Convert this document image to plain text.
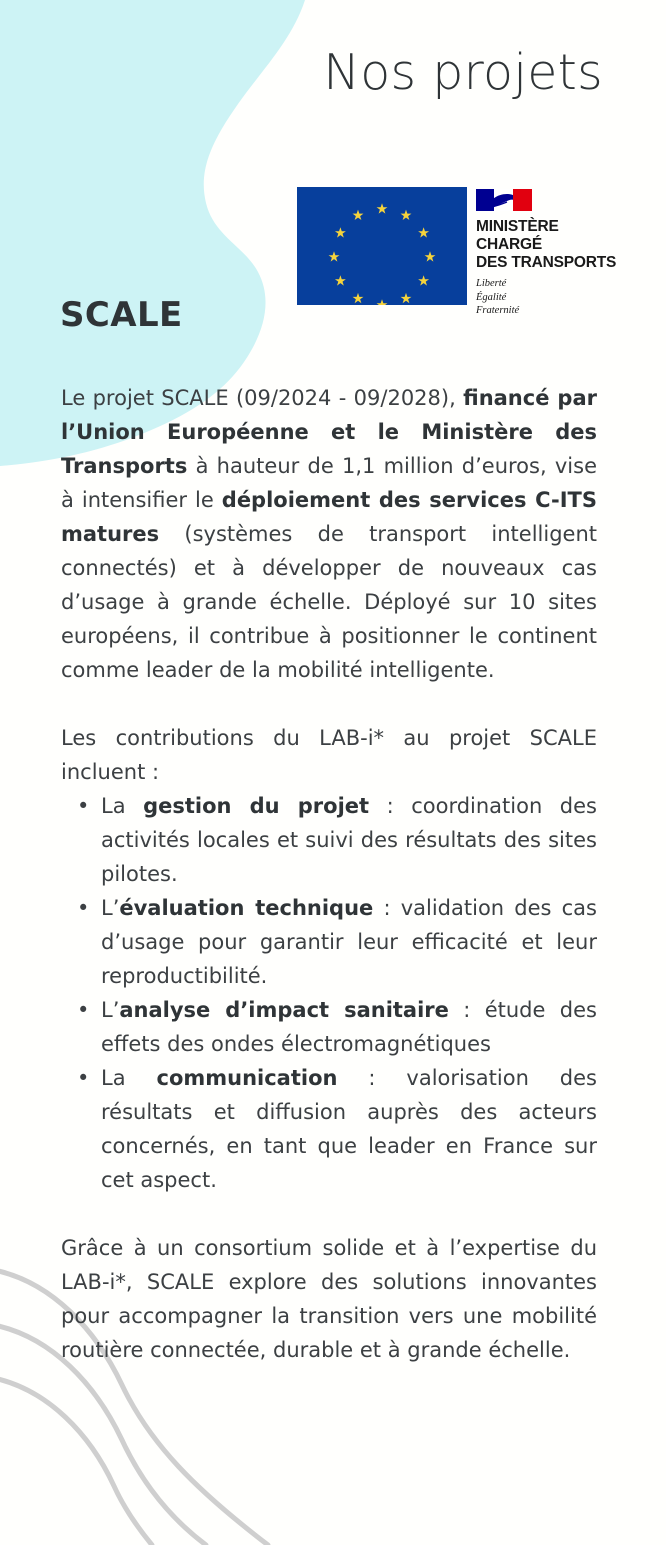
Nos projets
MINISTÈRE
CHARGÉ
DES TRANSPORTS
Liberté
Égalité
Fraternité
SCALE

Le projet SCALE (09/2024 - 09/2028), financé par l’Union Européenne et le Ministère des Transports à hauteur de 1,1 million d’euros, vise à intensifier le déploiement des services C-ITS matures (systèmes de transport intelligent connectés) et à développer de nouveaux cas d’usage à grande échelle. Déployé sur 10 sites européens, il contribue à positionner le continent comme leader de la mobilité intelligente.

Les contributions du LAB-i* au projet SCALE incluent :

• La gestion du projet : coordination des activités locales et suivi des résultats des sites pilotes.
• L’évaluation technique : validation des cas d’usage pour garantir leur efficacité et leur reproductibilité.
• L’analyse d’impact sanitaire : étude des effets des ondes électromagnétiques
• La communication : valorisation des résultats et diffusion auprès des acteurs concernés, en tant que leader en France sur cet aspect.

Grâce à un consortium solide et à l’expertise du LAB-i*, SCALE explore des solutions innovantes pour accompagner la transition vers une mobilité routière connectée, durable et à grande échelle.
